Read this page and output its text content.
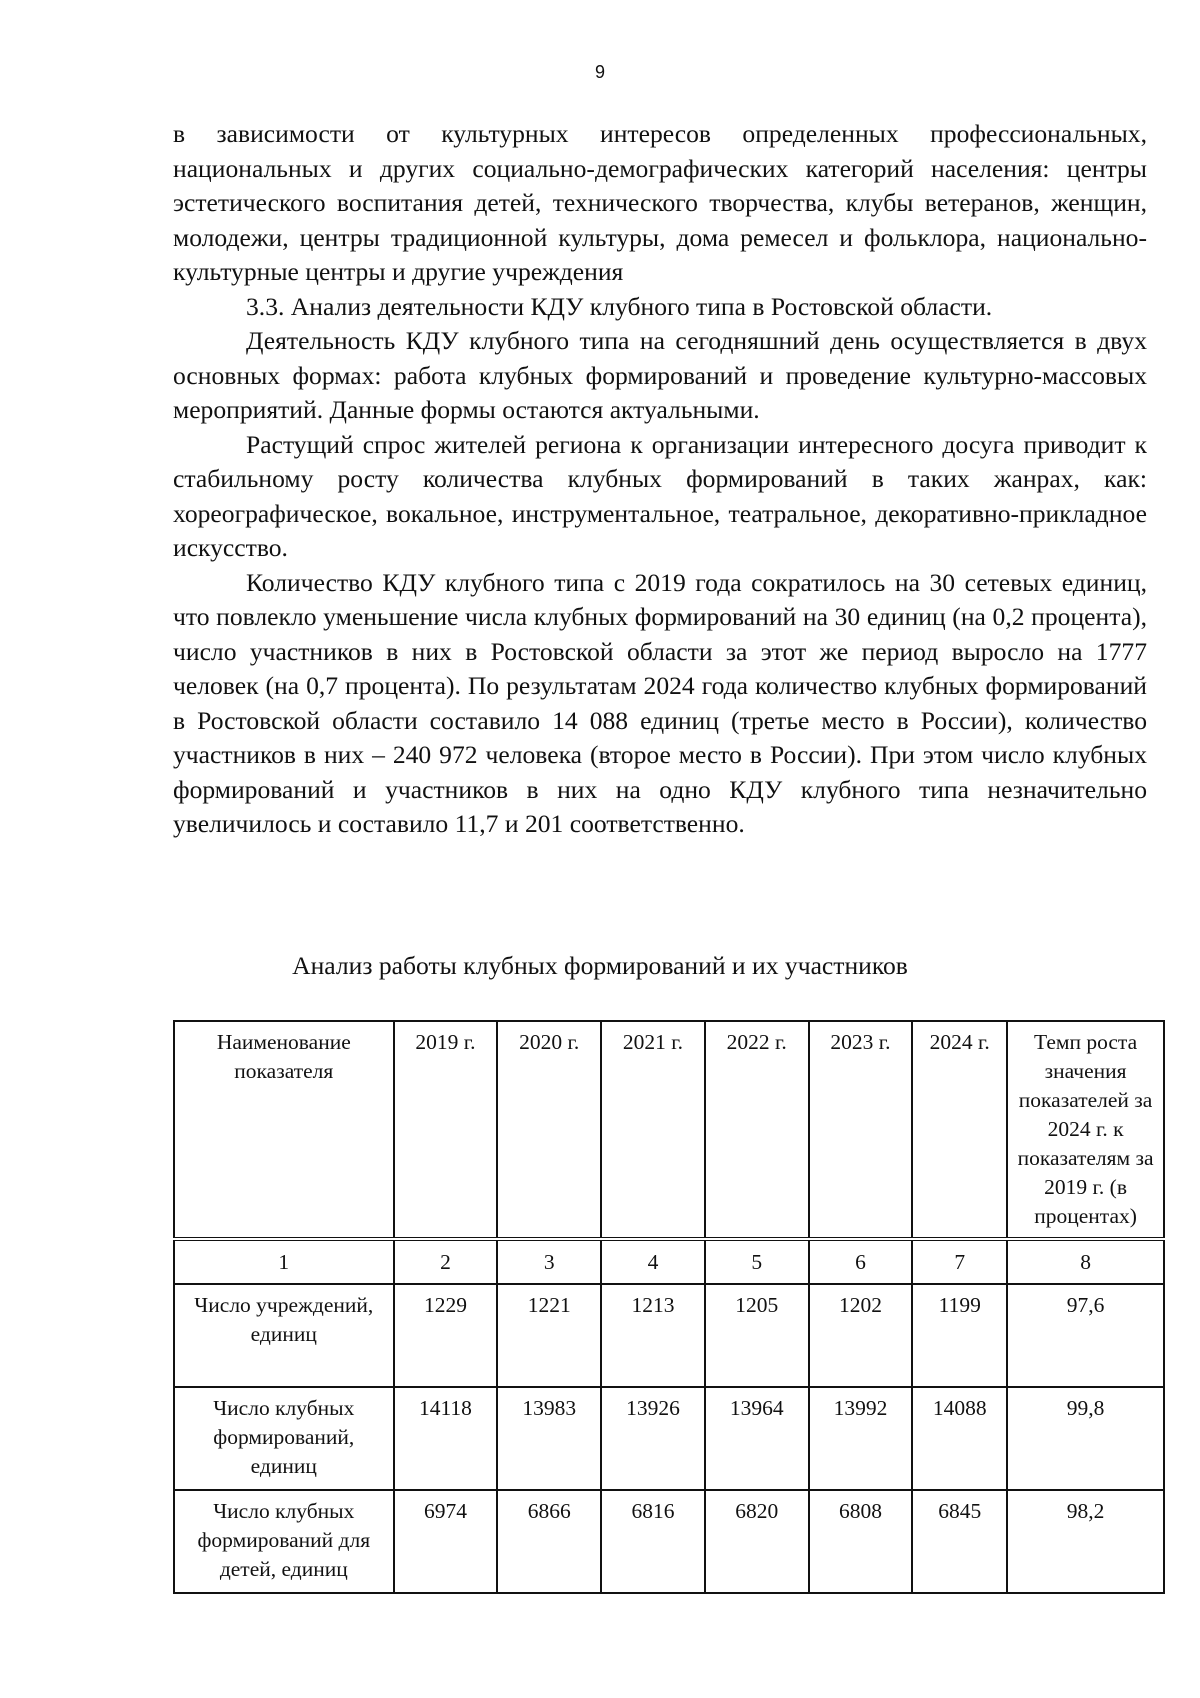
9

в зависимости от культурных интересов определенных профессиональных, национальных и других социально-демографических категорий населения: центры эстетического воспитания детей, технического творчества, клубы ветеранов, женщин, молодежи, центры традиционной культуры, дома ремесел и фольклора, национально-культурные центры и другие учреждения

3.3. Анализ деятельности КДУ клубного типа в Ростовской области.

Деятельность КДУ клубного типа на сегодняшний день осуществляется в двух основных формах: работа клубных формирований и проведение культурно-массовых мероприятий. Данные формы остаются актуальными.

Растущий спрос жителей региона к организации интересного досуга приводит к стабильному росту количества клубных формирований в таких жанрах, как: хореографическое, вокальное, инструментальное, театральное, декоративно-прикладное искусство.

Количество КДУ клубного типа с 2019 года сократилось на 30 сетевых единиц, что повлекло уменьшение числа клубных формирований на 30 единиц (на 0,2 процента), число участников в них в Ростовской области за этот же период выросло на 1777 человек (на 0,7 процента). По результатам 2024 года количество клубных формирований в Ростовской области составило 14 088 единиц (третье место в России), количество участников в них – 240 972 человека (второе место в России). При этом число клубных формирований и участников в них на одно КДУ клубного типа незначительно увеличилось и составило 11,7 и 201 соответственно.

Анализ работы клубных формирований и их участников
Наименование показателя	2019 г.	2020 г.	2021 г.	2022 г.	2023 г.	2024 г.	Темп роста значения показателей за 2024 г. к показателям за 2019 г. (в процентах)
1	2	3	4	5	6	7	8
Число учреждений, единиц	1229	1221	1213	1205	1202	1199	97,6
Число клубных формирований, единиц	14118	13983	13926	13964	13992	14088	99,8
Число клубных формирований для детей, единиц	6974	6866	6816	6820	6808	6845	98,2
